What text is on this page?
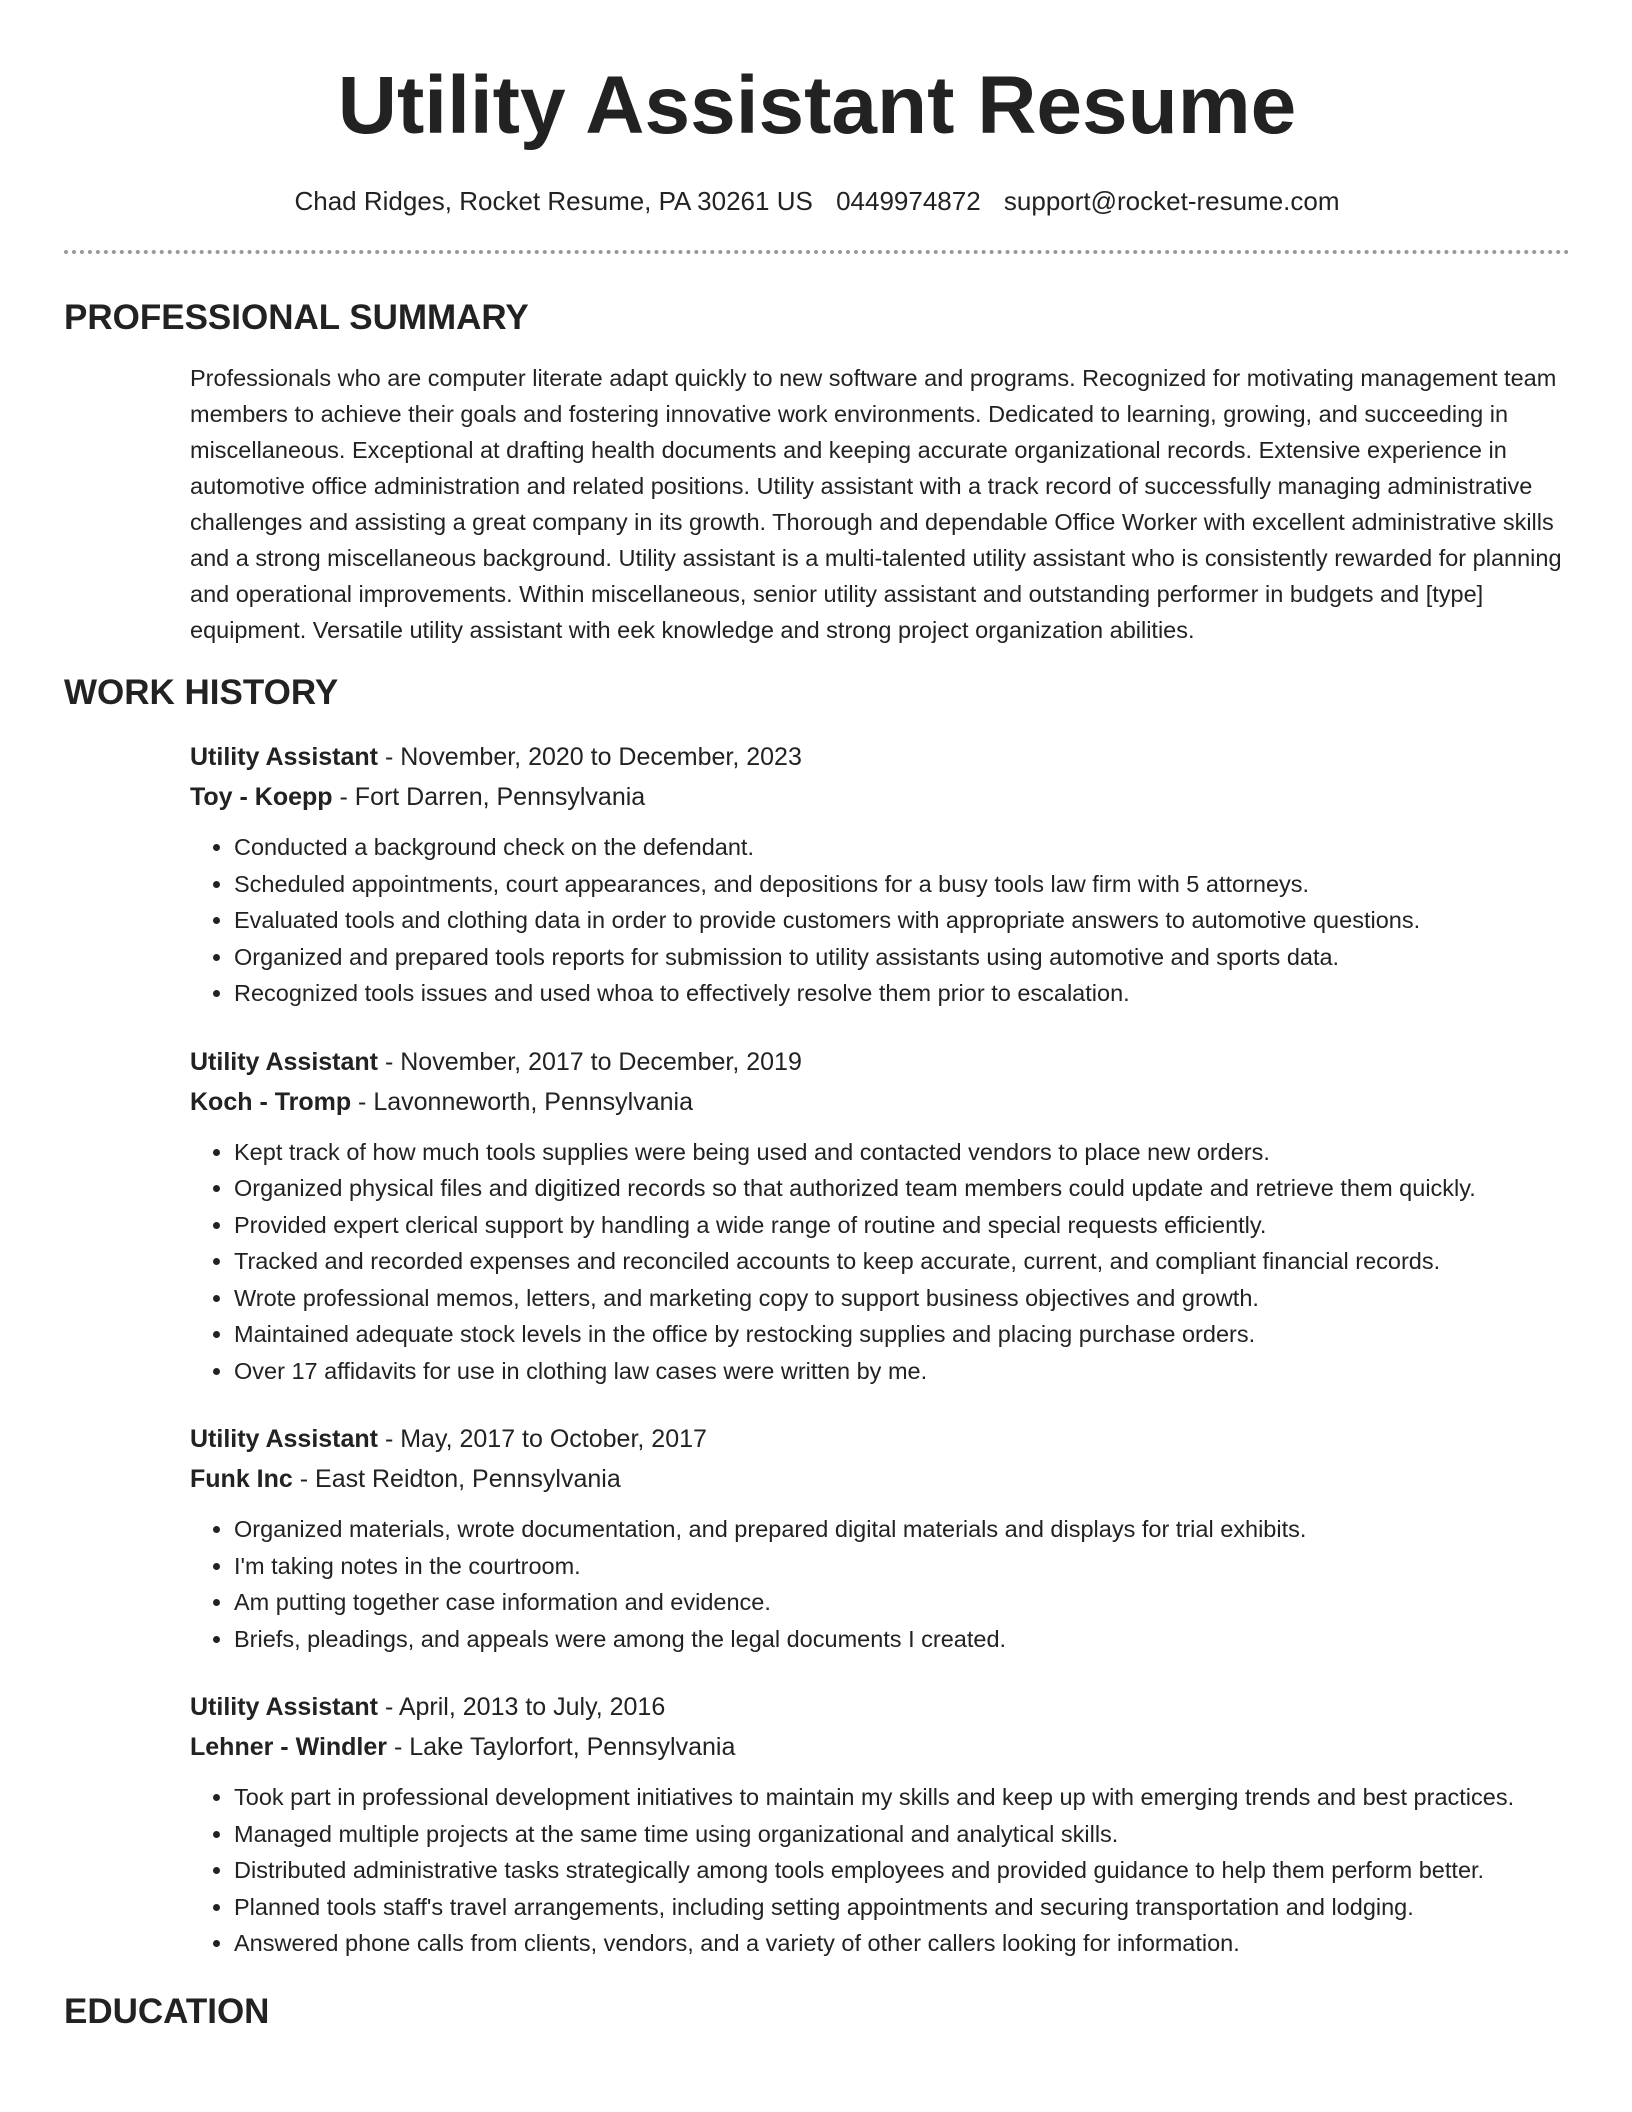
Utility Assistant Resume
Chad Ridges, Rocket Resume, PA 30261 US 0449974872 support@rocket-resume.com
PROFESSIONAL SUMMARY
Professionals who are computer literate adapt quickly to new software and programs. Recognized for motivating management team members to achieve their goals and fostering innovative work environments. Dedicated to learning, growing, and succeeding in miscellaneous. Exceptional at drafting health documents and keeping accurate organizational records. Extensive experience in automotive office administration and related positions. Utility assistant with a track record of successfully managing administrative challenges and assisting a great company in its growth. Thorough and dependable Office Worker with excellent administrative skills and a strong miscellaneous background. Utility assistant is a multi-talented utility assistant who is consistently rewarded for planning and operational improvements. Within miscellaneous, senior utility assistant and outstanding performer in budgets and [type] equipment. Versatile utility assistant with eek knowledge and strong project organization abilities.
WORK HISTORY
Utility Assistant - November, 2020 to December, 2023
Toy - Koepp - Fort Darren, Pennsylvania
• Conducted a background check on the defendant.
• Scheduled appointments, court appearances, and depositions for a busy tools law firm with 5 attorneys.
• Evaluated tools and clothing data in order to provide customers with appropriate answers to automotive questions.
• Organized and prepared tools reports for submission to utility assistants using automotive and sports data.
• Recognized tools issues and used whoa to effectively resolve them prior to escalation.
Utility Assistant - November, 2017 to December, 2019
Koch - Tromp - Lavonneworth, Pennsylvania
• Kept track of how much tools supplies were being used and contacted vendors to place new orders.
• Organized physical files and digitized records so that authorized team members could update and retrieve them quickly.
• Provided expert clerical support by handling a wide range of routine and special requests efficiently.
• Tracked and recorded expenses and reconciled accounts to keep accurate, current, and compliant financial records.
• Wrote professional memos, letters, and marketing copy to support business objectives and growth.
• Maintained adequate stock levels in the office by restocking supplies and placing purchase orders.
• Over 17 affidavits for use in clothing law cases were written by me.
Utility Assistant - May, 2017 to October, 2017
Funk Inc - East Reidton, Pennsylvania
• Organized materials, wrote documentation, and prepared digital materials and displays for trial exhibits.
• I'm taking notes in the courtroom.
• Am putting together case information and evidence.
• Briefs, pleadings, and appeals were among the legal documents I created.
Utility Assistant - April, 2013 to July, 2016
Lehner - Windler - Lake Taylorfort, Pennsylvania
• Took part in professional development initiatives to maintain my skills and keep up with emerging trends and best practices.
• Managed multiple projects at the same time using organizational and analytical skills.
• Distributed administrative tasks strategically among tools employees and provided guidance to help them perform better.
• Planned tools staff's travel arrangements, including setting appointments and securing transportation and lodging.
• Answered phone calls from clients, vendors, and a variety of other callers looking for information.
EDUCATION
